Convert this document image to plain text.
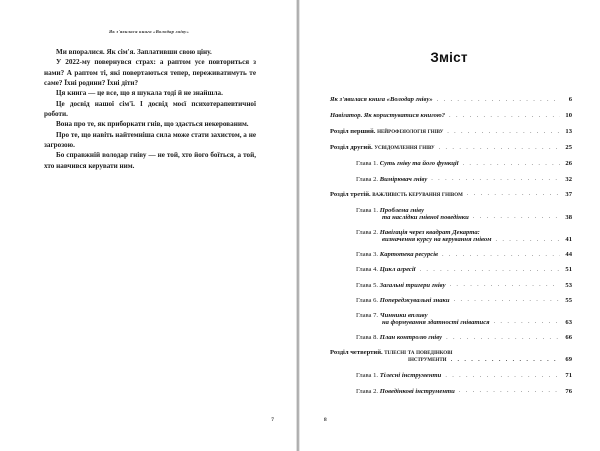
Як з'явилася книга «Володар гніву»

Ми впоралися. Як сім'я. Заплативши свою ціну.

У 2022-му повернувся страх: а раптом усе повториться з нами? А раптом ті, які повертаються тепер, переживатимуть те саме? Їхні родини? Їхні діти?

Ця книга — це все, що я шукала тоді й не знайшла.

Це досвід нашої сім'ї. І досвід моєї психотерапевтичної роботи.

Вона про те, як приборкати гнів, що здається некерованим.

Про те, що навіть найтемніша сила може стати захистом, а не загрозою.

Бо справжній володар гніву — не той, хто його боїться, а той, хто навчився керувати ним.

7
Зміст
Як з'явилася книга «Володар гніву» . . .	6
Навігатор. Як користуватися книгою? . . .	10
Розділ перший. нейрофізіологія гніву . . .	13
Розділ другий. усвідомлення гніву . . .	25
Глава 1. Суть гніву та його функції . . .	26
Глава 2. Вимірювач гніву . . .	32
Розділ третій. важливість керування гнівом . . .	37
Глава 1. Проблема гніву
та наслідки гнівної поведінки . . .	38
Глава 2. Навігація через квадрат Декарта:
визначення курсу на керування гнівом . . .	41
Глава 3. Картотека ресурсів . . .	44
Глава 4. Цикл агресії . . .	51
Глава 5. Загальні тригери гніву . . .	53
Глава 6. Попереджувальні знаки . . .	55
Глава 7. Чинники впливу
на формування здатності гніватися . . .	63
Глава 8. План контролю гніву . . .	66
Розділ четвертий. тілесні та поведінкові
інструменти . . .	69
Глава 1. Тілесні інструменти . . .	71
Глава 2. Поведінкові інструменти . . .	76
8
